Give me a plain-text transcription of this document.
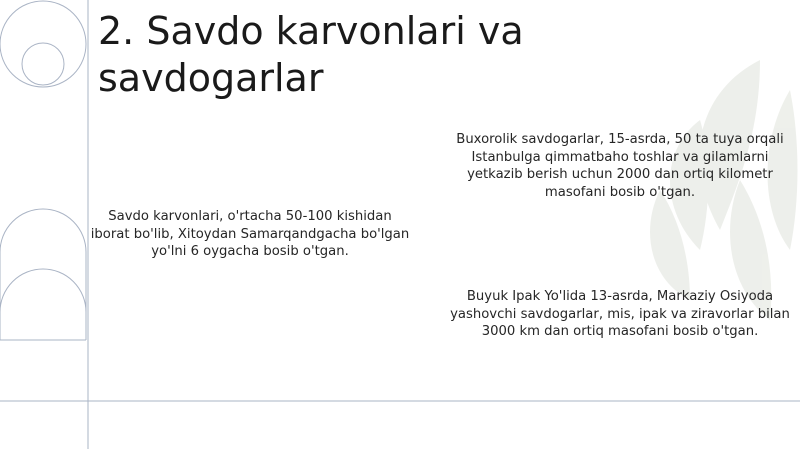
2. Savdo karvonlari va savdogarlar
Savdo karvonlari, o'rtacha 50-100 kishidan iborat bo'lib, Xitoydan Samarqandgacha bo'lgan yo'lni 6 oygacha bosib o'tgan.
Buxorolik savdogarlar, 15-asrda, 50 ta tuya orqali Istanbulga qimmatbaho toshlar va gilamlarni yetkazib berish uchun 2000 dan ortiq kilometr masofani bosib o'tgan.
Buyuk Ipak Yo'lida 13-asrda, Markaziy Osiyoda yashovchi savdogarlar, mis, ipak va ziravorlar bilan 3000 km dan ortiq masofani bosib o'tgan.
